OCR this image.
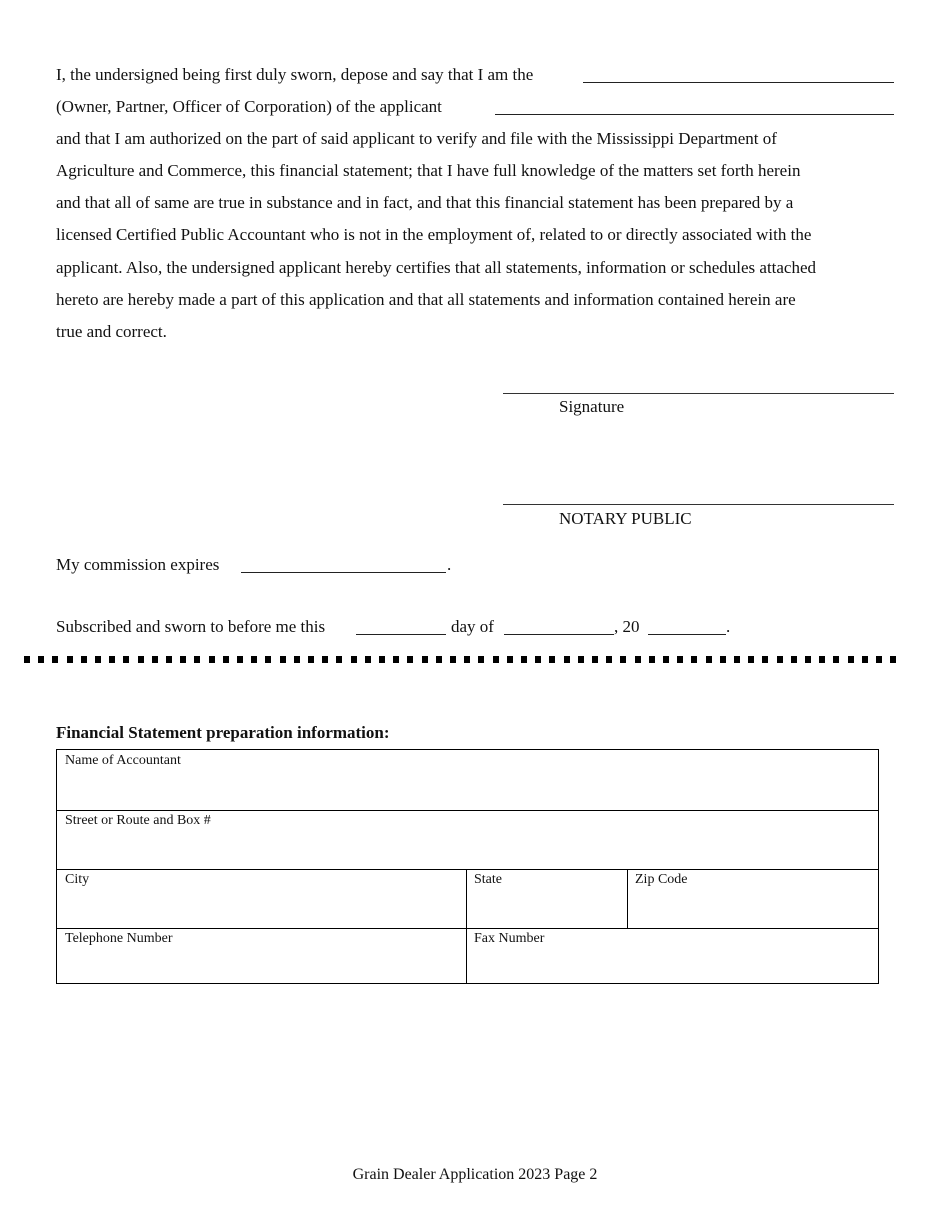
I, the undersigned being first duly sworn, depose and say that I am the
(Owner, Partner, Officer of Corporation) of the applicant
and that I am authorized on the part of said applicant to verify and file with the Mississippi Department of
Agriculture and Commerce, this financial statement; that I have full knowledge of the matters set forth herein
and that all of same are true in substance and in fact, and that this financial statement has been prepared by a
licensed Certified Public Accountant who is not in the employment of, related to or directly associated with the
applicant. Also, the undersigned applicant hereby certifies that all statements, information or schedules attached
hereto are hereby made a part of this application and that all statements and information contained herein are
true and correct.
Signature
NOTARY PUBLIC
My commission expires	.
Subscribed and sworn to before me this	day of	, 20	.
Financial Statement preparation information:
Name of Accountant
Street or Route and Box #
City	State	Zip Code
Telephone Number	Fax Number
Grain Dealer Application 2023 Page 2
